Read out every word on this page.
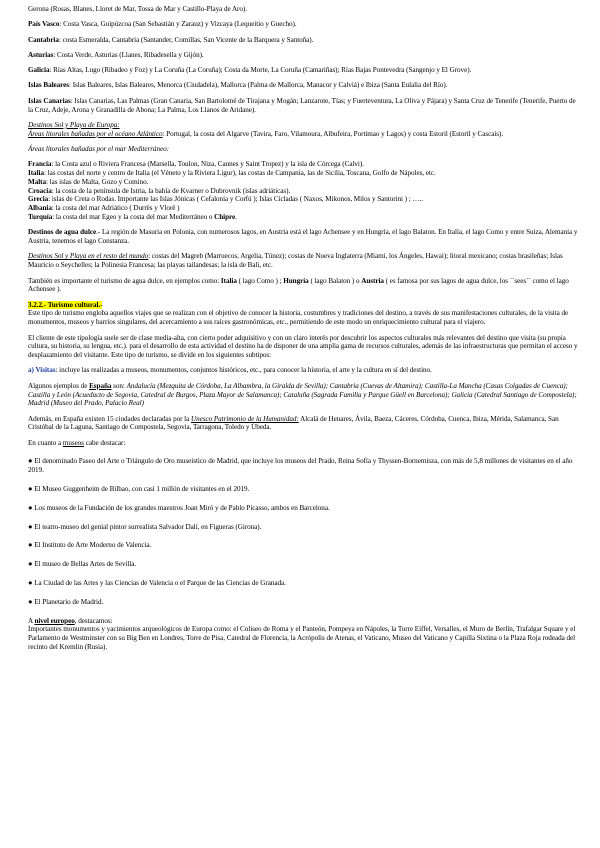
Gerona (Rosas, Blanes, Lloret de Mar, Tossa de Mar y Castillo-Playa de Aro).

País Vasco: Costa Vasca, Guipúzcoa (San Sebastián y Zarauz) y Vizcaya (Lequeitio y Guecho).

Cantabria: costa Esmeralda, Cantabria (Santander, Comillas, San Vicente de la Barquera y Santoña).

Asturias: Costa Verde, Asturias (Llanes, Ribadesella y Gijón).

Galicia: Rías Altas, Lugo (Ribadeo y Foz) y La Coruña (La Coruña); Costa da Morte, La Coruña (Camariñas); Rías Bajas Pontevedra (Sangenjo y El Grove).

Islas Baleares: Islas Baleares, Islas Baleares, Menorca (Ciudadela), Mallorca (Palma de Mallorca, Manacor y Calviá) e Ibiza (Santa Eulalia del Río).

Islas Canarias: Islas Canarias, Las Palmas (Gran Canaria, San Bartolomé de Tirajana y Mogán; Lanzarote, Tías; y Fuerteventura, La Oliva y Pájara) y Santa Cruz de Tenerife (Tenerife, Puerto de la Cruz, Adeje, Arona y Granadilla de Abona; La Palma, Los Llanos de Aridane).

Destinos Sol y Playa de Europa:

Áreas litorales bañadas por el océano Atlántico: Portugal, la costa del Algarve (Tavira, Faro, Vilamoura, Albufeira, Portimao y Lagos) y costa Estoril (Estoril y Cascais).

Áreas litorales bañadas por el mar Mediterráneo:

Francia: la Costa azul o Riviera Francesa (Marsella, Toulon, Niza, Cannes y Saint Tropez) y la isla de Córcega (Calvi).
Italia: las costas del norte y centro de Italia (el Véneto y la Riviera Ligur), las costas de Campania, las de Sicilia, Toscana, Golfo de Nápoles, etc.
Malta: las islas de Malta, Gozo y Comino.
Croacia: la costa de la península de Istria, la bahía de Kvarner o Dubrovnik (islas adriáticas).
Grecia: islas de Creta o Rodas. Importante las Islas Jónicas ( Cefalonia y Corfú ); Islas Cícladas ( Naxos, Mikonos, Milos y Santorini ) ; …..
Albania: la costa del mar Adriático ( Durrës y Vlorë )
Turquía: la costa del mar Egeo y la costa del mar Mediterráneo o Chipre.

Destinos de agua dulce.- La región de Masuria en Polonia, con numerosos lagos, en Austria está el lago Achensee y en Hungría, el lago Balaton. En Italia, el lago Como y entre Suiza, Alemania y Austria, tenemos el lago Constanza.

Destinos Sol y Playa en el resto del mundo: costas del Magreb (Marruecos, Argelia, Túnez); costas de Nueva Inglaterra (Miami, los Ángeles, Hawai); litoral mexicano; costas brasileñas; Islas Mauricio o Seychelles; la Polinesia Francesa; las playas tailandesas; la isla de Bali, etc.

También es importante el turismo de agua dulce, en ejemplos como: Italia ( lago Como ) ; Hungría ( lago Balaton ) o Austria ( es famosa por sus lagos de agua dulce, los ``sees`` como el lago Achensee ).

3.2.2.- Turismo cultural.-

Este tipo de turismo engloba aquellos viajes que se realizan con el objetivo de conocer la historia, costumbres y tradiciones del destino, a través de sus manifestaciones culturales, de la visita de monumentos, museos y barrios singulares, del acercamiento a sus raíces gastronómicas, etc., permitiendo de este modo un enriquecimiento cultural para el viajero.

El cliente de este tipología suele ser de clase media-alta, con cierto poder adquisitivo y con un claro interés por descubrir los aspectos culturales más relevantes del destino que visita (su propia cultura, su historia, su lengua, etc.). para el desarrollo de esta actividad el destino ha de disponer de una amplia gama de recursos culturales, además de las infraestructuras que permitan el acceso y desplazamiento del visitante. Este tipo de turismo, se divide en los siguientes subtipos:

a) Visitas: incluye las realizadas a museos, monumentos, conjuntos históricos, etc., para conocer la historia, el arte y la cultura en sí del destino.

Algunos ejemplos de España son: Andalucía (Mezquita de Córdoba, La Alhambra, la Giralda de Sevilla); Cantabria (Cuevas de Altamira); Castilla-La Mancha (Casas Colgadas de Cuenca); Castilla y León (Acueducto de Segovia, Catedral de Burgos, Plaza Mayor de Salamanca); Cataluña (Sagrada Familia y Parque Güell en Barcelona); Galicia (Catedral Santiago de Compostela); Madrid (Museo del Prado, Palacio Real)

Además, en España existen 15 ciudades declaradas por la Unesco Patrimonio de la Humanidad: Alcalá de Henares, Ávila, Baeza, Cáceres, Córdoba, Cuenca, Ibiza, Mérida, Salamanca, San Cristóbal de la Laguna, Santiago de Compostela, Segovia, Tarragona, Toledo y Úbeda.

En cuanto a museos cabe destacar:

● El denominado Paseo del Arte o Triángulo de Oro museístico de Madrid, que incluye los museos del Prado, Reina Sofía y Thyssen-Bornemisza, con más de 5,8 millones de visitantes en el año 2019.

● El Museo Guggenheim de Bilbao, con casi 1 millón de visitantes en el 2019.

● Los museos de la Fundación de los grandes maestros Joan Miró y de Pablo Picasso, ambos en Barcelona.

● El teatro-museo del genial pintor surrealista Salvador Dalí, en Figueras (Girona).

● El Instituto de Arte Moderno de Valencia.

● El museo de Bellas Artes de Sevilla.

● La Ciudad de las Artes y las Ciencias de Valencia o el Parque de las Ciencias de Granada.

● El Planetario de Madrid.

A nivel europeo, destacamos:

Importantes monumentos y yacimientos arqueológicos de Europa como: el Coliseo de Roma y el Panteón, Pompeya en Nápoles, la Torre Eiffel, Versalles, el Muro de Berlín, Trafalgar Square y el Parlamento de Westminster con su Big Ben en Londres, Torre de Pisa, Catedral de Florencia, la Acrópolis de Atenas, el Vaticano, Museo del Vaticano y Capilla Sixtina o la Plaza Roja rodeada del recinto del Kremlin (Rusia).
